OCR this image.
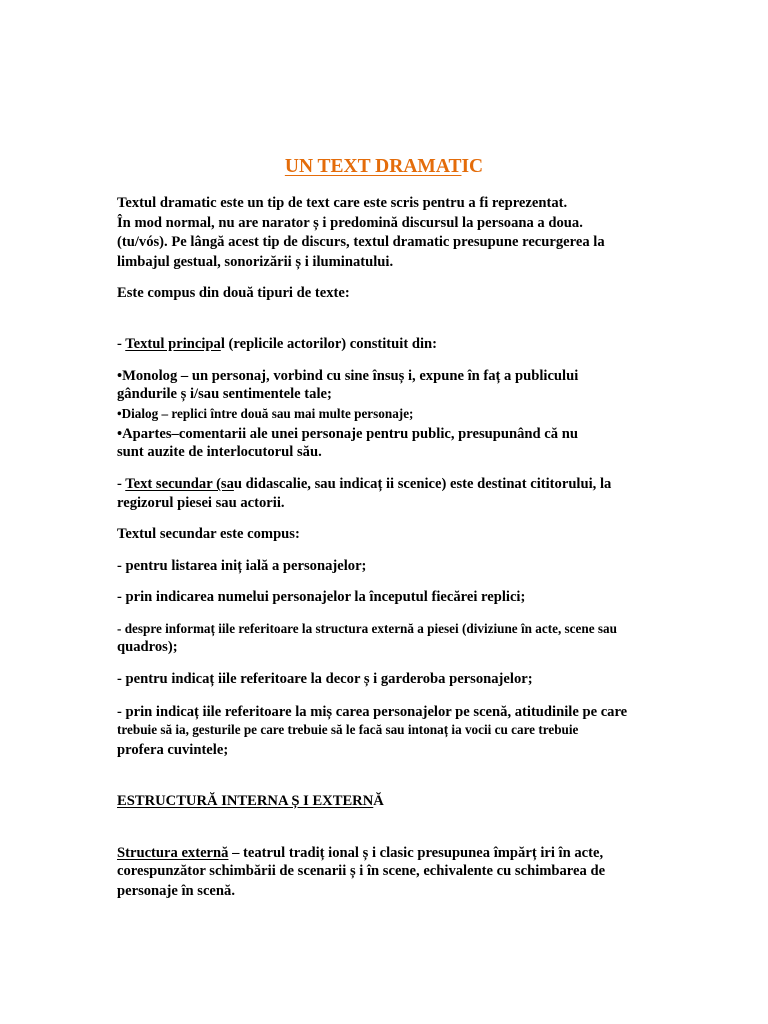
UN TEXT DRAMATIC
Textul dramatic este un tip de text care este scris pentru a fi reprezentat.
În mod normal, nu are narator ș i predomină discursul la persoana a doua.
(tu/vós). Pe lângă acest tip de discurs, textul dramatic presupune recurgerea la
limbajul gestual, sonorizării ș i iluminatului.
Este compus din două tipuri de texte:
- Textul principal (replicile actorilor) constituit din:
•Monolog – un personaj, vorbind cu sine însuș i, expune în faț a publicului
gândurile ș i/sau sentimentele tale;
•Dialog – replici între două sau mai multe personaje;
•Apartes–comentarii ale unei personaje pentru public, presupunând că nu
sunt auzite de interlocutorul său.
- Text secundar (sau didascalie, sau indicaț ii scenice) este destinat cititorului, la
regizorul piesei sau actorii.
Textul secundar este compus:
- pentru listarea iniț ială a personajelor;
- prin indicarea numelui personajelor la începutul fiecărei replici;
- despre informaț iile referitoare la structura externă a piesei (diviziune în acte, scene sau
quadros);
- pentru indicaț iile referitoare la decor ș i garderoba personajelor;
- prin indicaț iile referitoare la miș carea personajelor pe scenă, atitudinile pe care
trebuie să ia, gesturile pe care trebuie să le facă sau intonaț ia vocii cu care trebuie
profera cuvintele;
ESTRUCTURĂ INTERNA Ș I EXTERNĂ
Structura externă – teatrul tradiț ional ș i clasic presupunea împărț iri în acte,
corespunzător schimbării de scenarii ș i în scene, echivalente cu schimbarea de
personaje în scenă.
